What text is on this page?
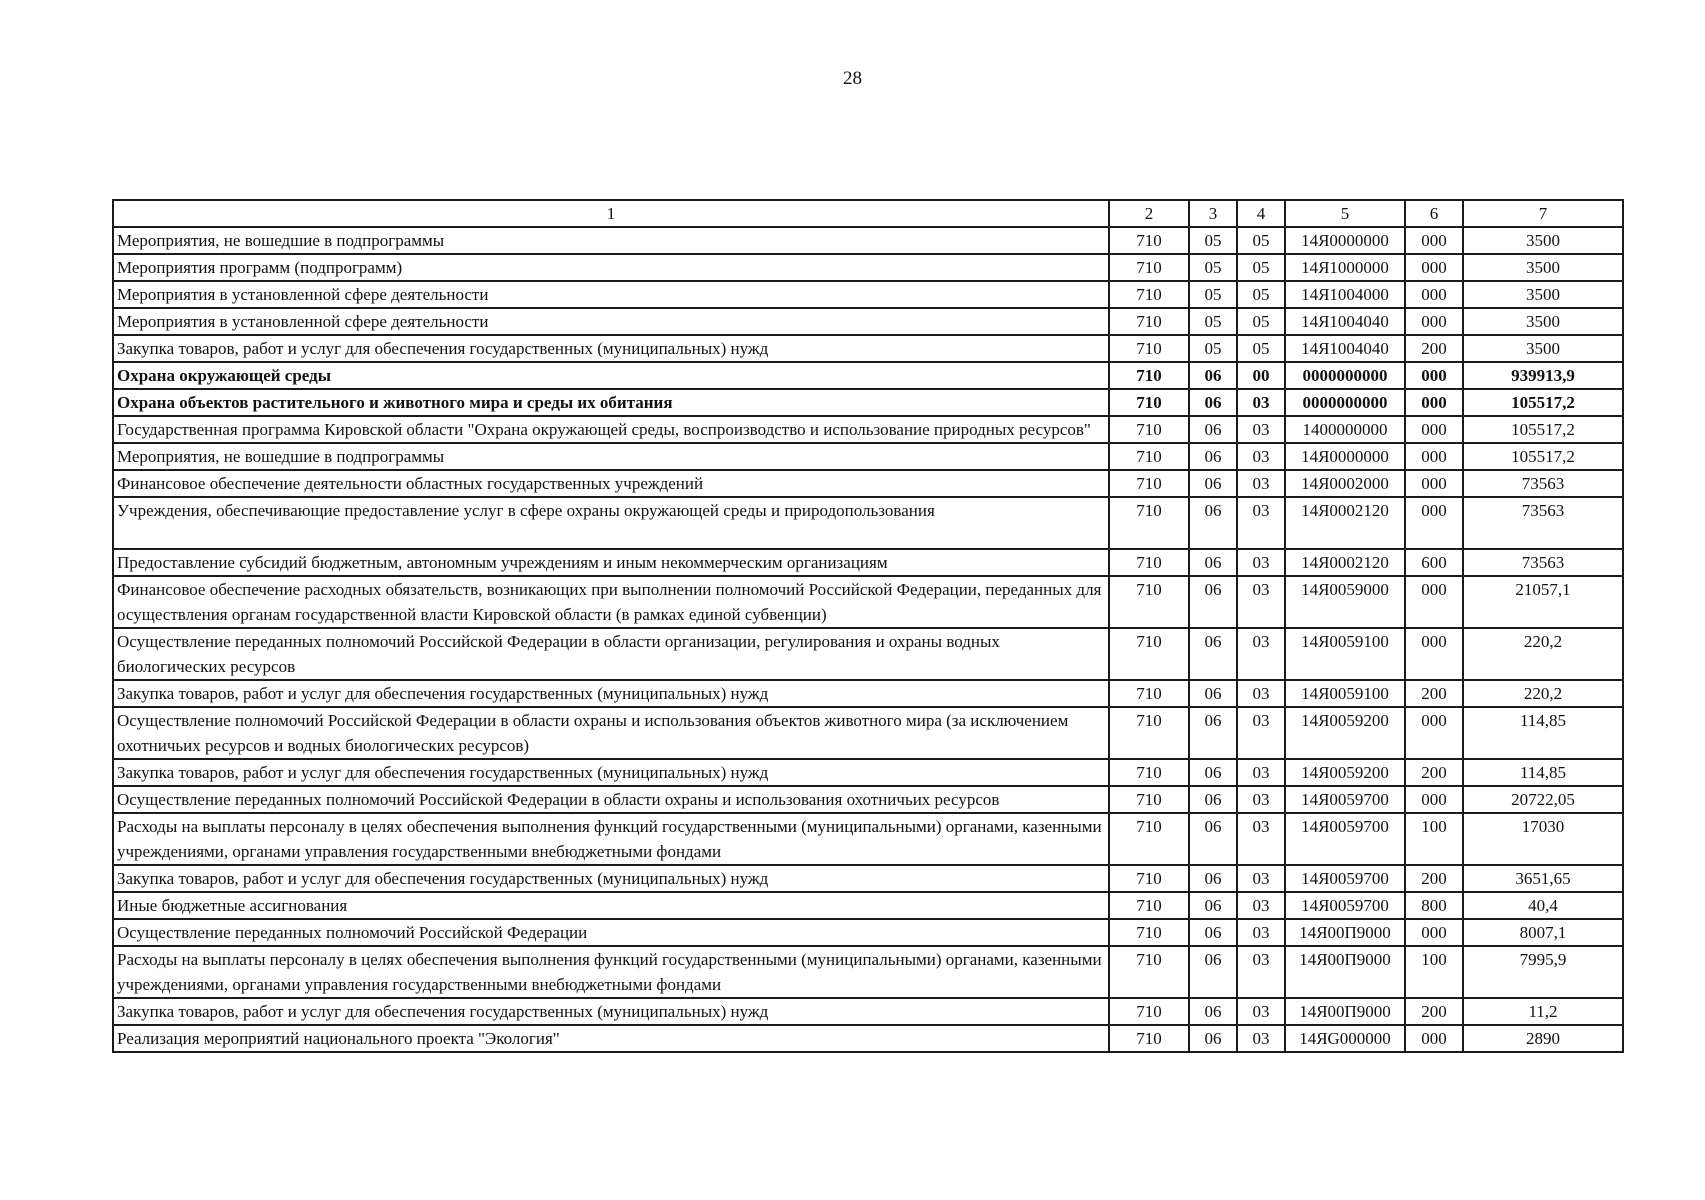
28
1	2	3	4	5	6	7
Мероприятия, не вошедшие в подпрограммы	710	05	05	14Я0000000	000	3500
Мероприятия программ (подпрограмм)	710	05	05	14Я1000000	000	3500
Мероприятия в установленной сфере деятельности	710	05	05	14Я1004000	000	3500
Мероприятия в установленной сфере деятельности	710	05	05	14Я1004040	000	3500
Закупка товаров, работ и услуг для обеспечения государственных (муниципальных) нужд	710	05	05	14Я1004040	200	3500
Охрана окружающей среды	710	06	00	0000000000	000	939913,9
Охрана объектов растительного и животного мира и среды их обитания	710	06	03	0000000000	000	105517,2
Государственная программа Кировской области "Охрана окружающей среды, воспроизводство и использование природных ресурсов"	710	06	03	1400000000	000	105517,2
Мероприятия, не вошедшие в подпрограммы	710	06	03	14Я0000000	000	105517,2
Финансовое обеспечение деятельности областных государственных учреждений	710	06	03	14Я0002000	000	73563
Учреждения, обеспечивающие предоставление услуг в сфере охраны окружающей среды и природопользования	710	06	03	14Я0002120	000	73563
Предоставление субсидий бюджетным, автономным учреждениям и иным некоммерческим организациям	710	06	03	14Я0002120	600	73563
Финансовое обеспечение расходных обязательств, возникающих при выполнении полномочий Российской Федерации, переданных для осуществления органам государственной власти Кировской области (в рамках единой субвенции)	710	06	03	14Я0059000	000	21057,1
Осуществление переданных полномочий Российской Федерации в области организации, регулирования и охраны водных биологических ресурсов	710	06	03	14Я0059100	000	220,2
Закупка товаров, работ и услуг для обеспечения государственных (муниципальных) нужд	710	06	03	14Я0059100	200	220,2
Осуществление полномочий Российской Федерации в области охраны и использования объектов животного мира (за исключением охотничьих ресурсов и водных биологических ресурсов)	710	06	03	14Я0059200	000	114,85
Закупка товаров, работ и услуг для обеспечения государственных (муниципальных) нужд	710	06	03	14Я0059200	200	114,85
Осуществление переданных полномочий Российской Федерации в области охраны и использования охотничьих ресурсов	710	06	03	14Я0059700	000	20722,05
Расходы на выплаты персоналу в целях обеспечения выполнения функций государственными (муниципальными) органами, казенными учреждениями, органами управления государственными внебюджетными фондами	710	06	03	14Я0059700	100	17030
Закупка товаров, работ и услуг для обеспечения государственных (муниципальных) нужд	710	06	03	14Я0059700	200	3651,65
Иные бюджетные ассигнования	710	06	03	14Я0059700	800	40,4
Осуществление переданных полномочий Российской Федерации	710	06	03	14Я00П9000	000	8007,1
Расходы на выплаты персоналу в целях обеспечения выполнения функций государственными (муниципальными) органами, казенными учреждениями, органами управления государственными внебюджетными фондами	710	06	03	14Я00П9000	100	7995,9
Закупка товаров, работ и услуг для обеспечения государственных (муниципальных) нужд	710	06	03	14Я00П9000	200	11,2
Реализация мероприятий национального проекта "Экология"	710	06	03	14ЯG000000	000	2890
